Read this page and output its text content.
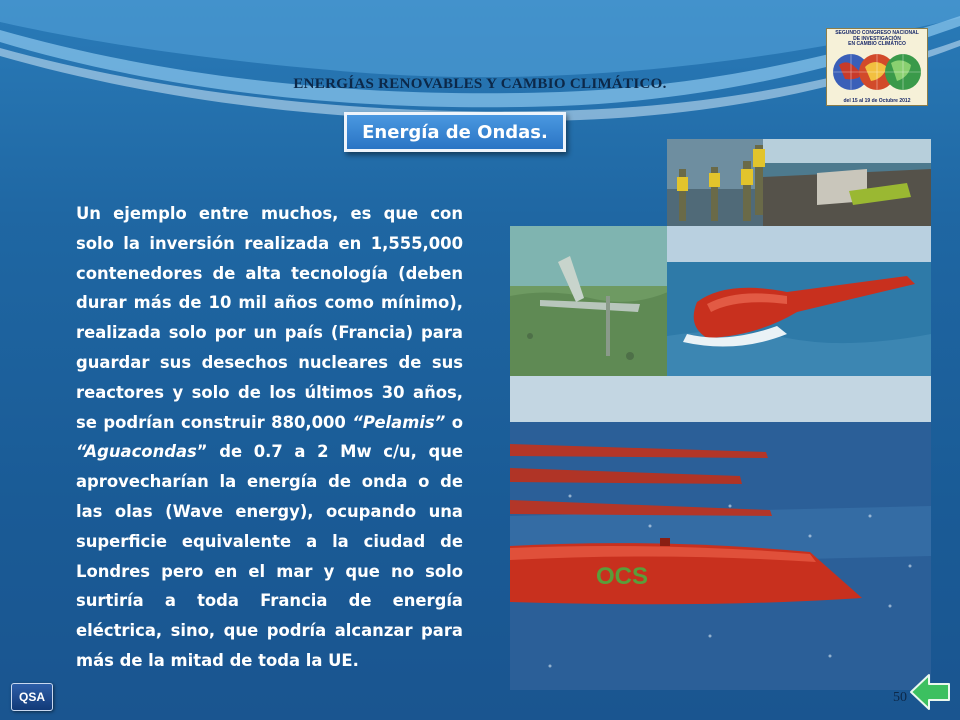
ENERGÍAS RENOVABLES Y CAMBIO CLIMÁTICO.
SEGUNDO CONGRESO NACIONAL
DE INVESTIGACIÓN
EN CAMBIO CLIMÁTICO
del 15 al 19 de Octubre 2012
Energía de Ondas.
Un ejemplo entre muchos, es que con solo la inversión realizada en 1,555,000 contenedores de alta tecnología (deben durar más de 10 mil años como mínimo), realizada solo por un país (Francia) para guardar sus desechos nucleares de sus reactores y solo de los últimos 30 años, se podrían construir 880,000 “Pelamis” o “Aguacondas” de 0.7 a 2 Mw c/u, que aprovecharían la energía de onda o de las olas (Wave energy), ocupando una superficie equivalente a la ciudad de Londres pero en el mar y que no solo surtiría a toda Francia de energía eléctrica, sino, que podría alcanzar para más de la mitad de toda la UE.
OCS
QSA	50
